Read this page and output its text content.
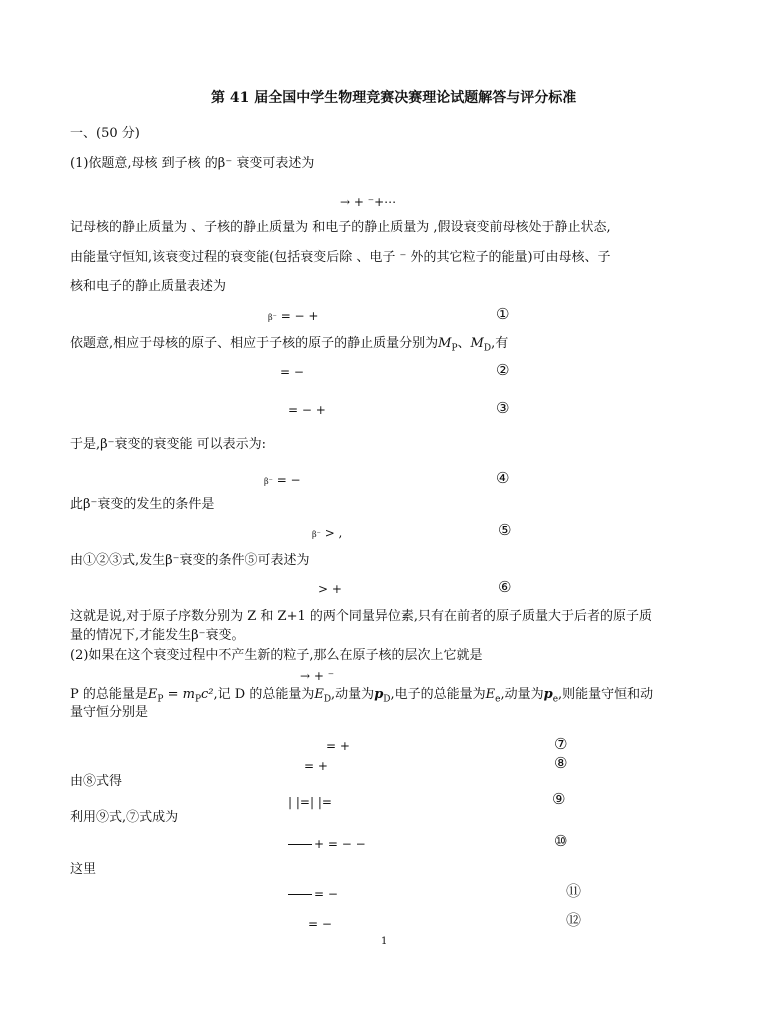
第 41 届全国中学生物理竞赛决赛理论试题解答与评分标准
一、(50 分)
(1)依题意,母核 到子核 的β⁻ 衰变可表述为
→ + ⁻+⋯
记母核的静止质量为 、子核的静止质量为 和电子的静止质量为 ,假设衰变前母核处于静止状态,
由能量守恒知,该衰变过程的衰变能(包括衰变后除 、电子 ⁻ 外的其它粒子的能量)可由母核、子
核和电子的静止质量表述为
β⁻ = − +	①
依题意,相应于母核的原子、相应于子核的原子的静止质量分别为$M_P$、$M_D$,有
= −	②
= − +	③
于是,β⁻衰变的衰变能 可以表示为:
β⁻ = −	④
此β⁻衰变的发生的条件是
β⁻ > ,	⑤
由①②③式,发生β⁻衰变的条件⑤可表述为
> +	⑥
这就是说,对于原子序数分别为 Z 和 Z+1 的两个同量异位素,只有在前者的原子质量大于后者的原子质
量的情况下,才能发生β⁻衰变。
(2)如果在这个衰变过程中不产生新的粒子,那么在原子核的层次上它就是
→ + ⁻
P 的总能量是$E_P = m_Pc^2$,记 D 的总能量为$E_D$,动量为$p_D$,电子的总能量为$E_e$,动量为$p_e$,则能量守恒和动
量守恒分别是
= +	⑦
= +	⑧
由⑧式得
| |=| |=	⑨
利用⑨式,⑦式成为
+ = − −	⑩
这里
= −	⑪
= −	⑫
1
